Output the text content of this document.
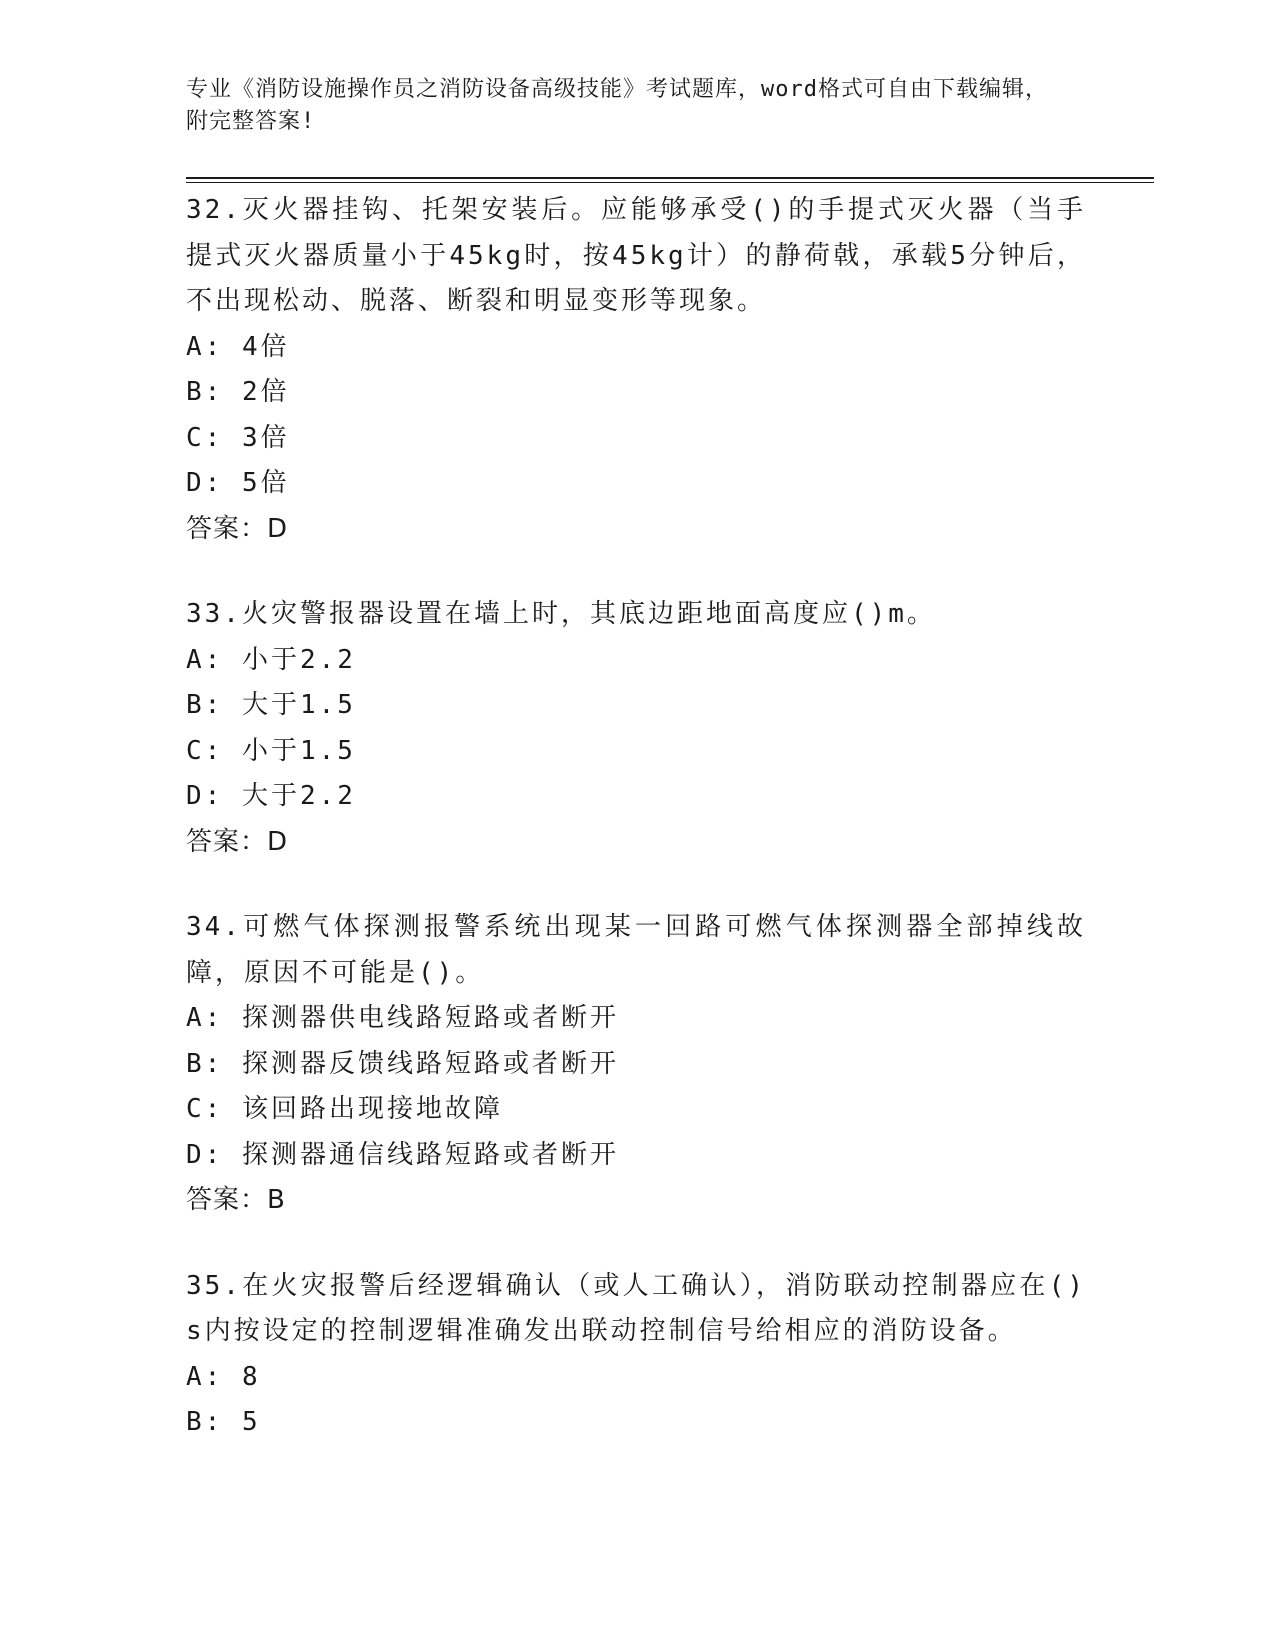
专业《消防设施操作员之消防设备高级技能》考试题库，word格式可自由下载编辑，附完整答案!

32.灭火器挂钩、托架安装后。应能够承受()的手提式灭火器（当手提式灭火器质量小于45kg时，按45kg计）的静荷戟，承载5分钟后，不出现松动、脱落、断裂和明显变形等现象。

A: 4倍

B: 2倍

C: 3倍

D: 5倍

答案：D

33.火灾警报器设置在墙上时，其底边距地面高度应()m。

A: 小于2.2

B: 大于1.5

C: 小于1.5

D: 大于2.2

答案：D

34.可燃气体探测报警系统出现某一回路可燃气体探测器全部掉线故障，原因不可能是()。

A: 探测器供电线路短路或者断开

B: 探测器反馈线路短路或者断开

C: 该回路出现接地故障

D: 探测器通信线路短路或者断开

答案：B

35.在火灾报警后经逻辑确认（或人工确认），消防联动控制器应在()s内按设定的控制逻辑准确发出联动控制信号给相应的消防设备。

A: 8

B: 5
